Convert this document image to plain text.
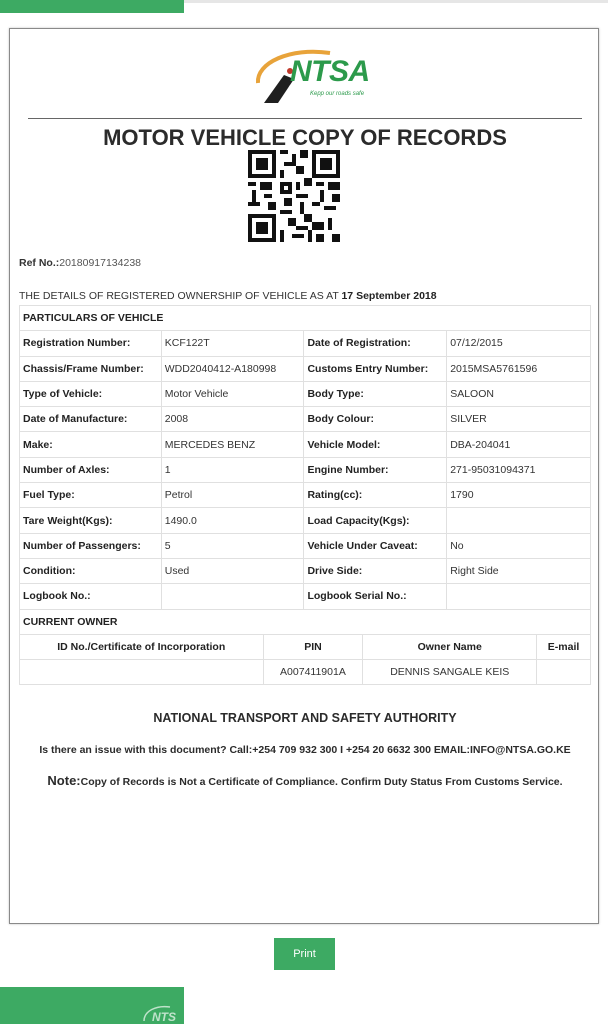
NTSA
Kepp our roads safe
MOTOR VEHICLE COPY OF RECORDS
Ref No.:20180917134238
THE DETAILS OF REGISTERED OWNERSHIP OF VEHICLE AS AT 17 September 2018
PARTICULARS OF VEHICLE			
Registration Number:	KCF122T	Date of Registration:	07/12/2015
Chassis/Frame Number:	WDD2040412-A180998	Customs Entry Number:	2015MSA5761596
Type of Vehicle:	Motor Vehicle	Body Type:	SALOON
Date of Manufacture:	2008	Body Colour:	SILVER
Make:	MERCEDES BENZ	Vehicle Model:	DBA-204041
Number of Axles:	1	Engine Number:	271-95031094371
Fuel Type:	Petrol	Rating(cc):	1790
Tare Weight(Kgs):	1490.0	Load Capacity(Kgs):	
Number of Passengers:	5	Vehicle Under Caveat:	No
Condition:	Used	Drive Side:	Right Side
Logbook No.:		Logbook Serial No.:	
CURRENT OWNER
ID No./Certificate of Incorporation	PIN	Owner Name	E-mail
	A007411901A	DENNIS SANGALE KEIS	
NATIONAL TRANSPORT AND SAFETY AUTHORITY
Is there an issue with this document? Call:+254 709 932 300 I +254 20 6632 300 EMAIL:INFO@NTSA.GO.KE
Note:Copy of Records is Not a Certificate of Compliance. Confirm Duty Status From Customs Service.
Print
NTS
